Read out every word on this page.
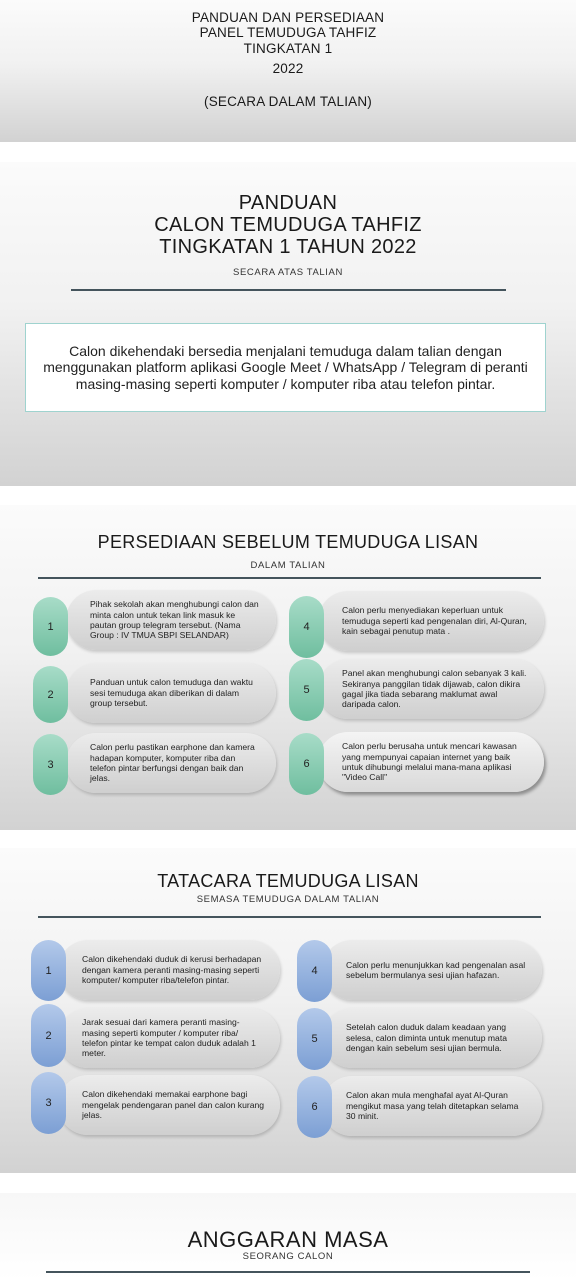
PANDUAN DAN PERSEDIAAN
PANEL TEMUDUGA TAHFIZ
TINGKATAN 1
2022
(SECARA DALAM TALIAN)
PANDUAN
CALON TEMUDUGA TAHFIZ
TINGKATAN 1 TAHUN 2022
SECARA ATAS TALIAN
Calon dikehendaki bersedia menjalani temuduga dalam talian dengan menggunakan platform aplikasi Google Meet / WhatsApp / Telegram di peranti masing-masing seperti komputer / komputer riba atau telefon pintar.
PERSEDIAAN SEBELUM TEMUDUGA LISAN
DALAM TALIAN
Pihak sekolah akan menghubungi calon dan minta calon untuk tekan link masuk ke pautan group telegram tersebut. (Nama Group : IV TMUA SBPI SELANDAR)
1
Panduan untuk calon temuduga dan waktu sesi temuduga akan diberikan di dalam group tersebut.
2
Calon perlu pastikan earphone dan kamera hadapan komputer, komputer riba dan telefon pintar berfungsi dengan baik dan jelas.
3
Calon perlu menyediakan keperluan untuk temuduga seperti kad pengenalan diri, Al-Quran, kain sebagai penutup mata .
4
Panel akan menghubungi calon sebanyak 3 kali. Sekiranya panggilan tidak dijawab, calon dikira gagal jika tiada sebarang maklumat awal daripada calon.
5
Calon perlu berusaha untuk mencari kawasan yang mempunyai capaian internet yang baik untuk dihubungi melalui mana-mana aplikasi "Video Call"
6
TATACARA TEMUDUGA LISAN
SEMASA TEMUDUGA DALAM TALIAN
Calon dikehendaki duduk di kerusi berhadapan dengan kamera peranti masing-masing seperti komputer/ komputer riba/telefon pintar.
1
Jarak sesuai dari kamera peranti masing-masing seperti komputer / komputer riba/ telefon pintar ke tempat calon duduk adalah 1 meter.
2
Calon dikehendaki memakai earphone bagi mengelak pendengaran panel dan calon kurang jelas.
3
Calon perlu menunjukkan kad pengenalan asal sebelum bermulanya sesi ujian hafazan.
4
Setelah calon duduk dalam keadaan yang selesa, calon diminta untuk menutup mata dengan kain sebelum sesi ujian bermula.
5
Calon akan mula menghafal ayat Al-Quran mengikut masa yang telah ditetapkan selama 30 minit.
6
ANGGARAN MASA
SEORANG CALON
